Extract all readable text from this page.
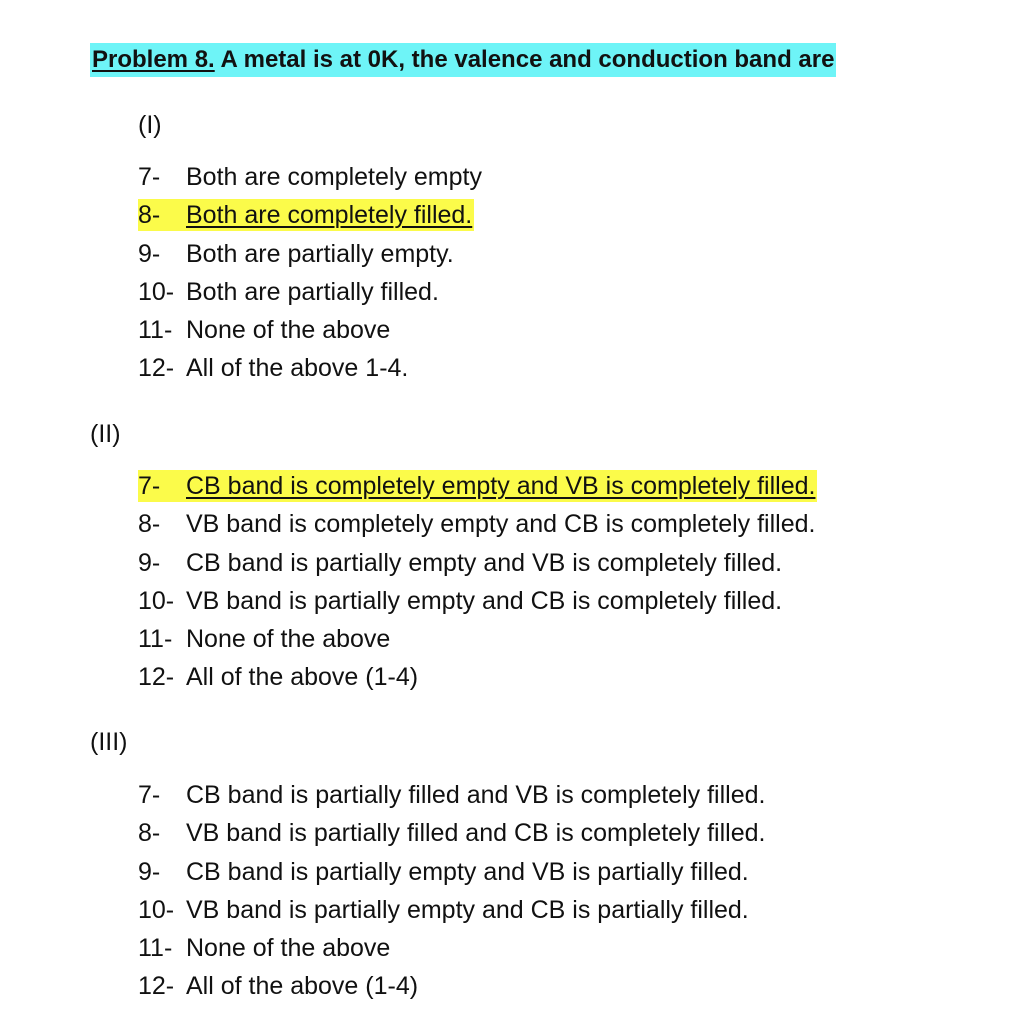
Problem 8. A metal is at 0K, the valence and conduction band are
(I)
7- Both are completely empty
8- Both are completely filled.
9- Both are partially empty.
10- Both are partially filled.
11- None of the above
12- All of the above 1-4.
(II)
7- CB band is completely empty and VB is completely filled.
8- VB band is completely empty and CB is completely filled.
9- CB band is partially empty and VB is completely filled.
10- VB band is partially empty and CB is completely filled.
11- None of the above
12- All of the above (1-4)
(III)
7- CB band is partially filled and VB is completely filled.
8- VB band is partially filled and CB is completely filled.
9- CB band is partially empty and VB is partially filled.
10- VB band is partially empty and CB is partially filled.
11- None of the above
12- All of the above (1-4)
